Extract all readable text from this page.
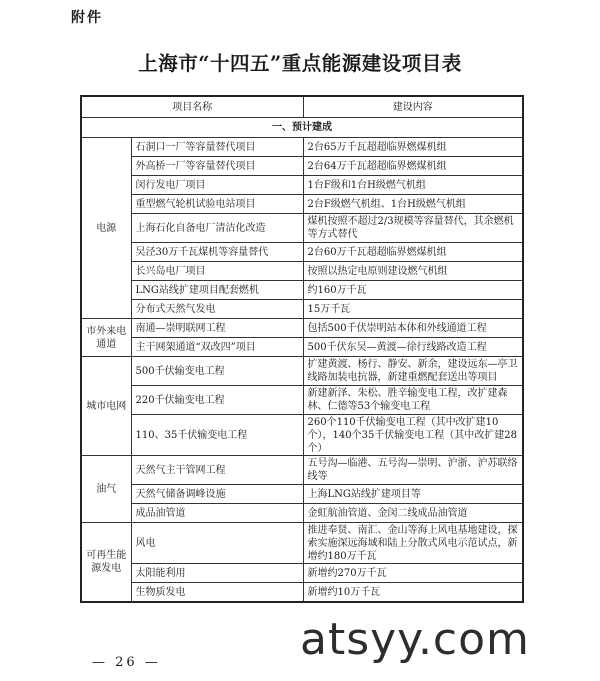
附件
上海市“十四五”重点能源建设项目表
项目名称		建设内容
一、预计建成		
电源	石洞口一厂等容量替代项目	2台65万千瓦超超临界燃煤机组
	外高桥一厂等容量替代项目	2台64万千瓦超超临界燃煤机组
	闵行发电厂项目	1台F级和1台H级燃气机组
	重型燃气轮机试验电站项目	2台F级燃气机组、1台H级燃气机组
	上海石化自备电厂清洁化改造	煤机按照不超过2/3规模等容量替代，其余燃机等方式替代
	吴泾30万千瓦煤机等容量替代	2台60万千瓦超超临界燃煤机组
	长兴岛电厂项目	按照以热定电原则建设燃气机组
	LNG站线扩建项目配套燃机	约160万千瓦
	分布式天然气发电	15万千瓦
市外来电通道	南通—崇明联网工程	包括500千伏崇明站本体和外线通道工程
	主干网架通道“双改四”项目	500千伏东吴—黄渡—徐行线路改造工程
城市电网	500千伏输变电工程	扩建黄渡、杨行、静安、新余，建设远东—亭卫线路加装电抗器，新建重燃配套送出等项目
	220千伏输变电工程	新建新泽、朱松、胜辛输变电工程，改扩建森林、仁德等53个输变电工程
	110、35千伏输变电工程	260个110千伏输变电工程（其中改扩建10个），140个35千伏输变电工程（其中改扩建28个）
油气	天然气主干管网工程	五号沟—临港、五号沟—崇明、沪浙、沪苏联络线等
	天然气储备调峰设施	上海LNG站线扩建项目等
	成品油管道	金虹航油管道、金闵二线成品油管道
可再生能源发电	风电	推进奉贤、南汇、金山等海上风电基地建设，探索实施深远海域和陆上分散式风电示范试点，新增约180万千瓦
	太阳能利用	新增约270万千瓦
	生物质发电	新增约10万千瓦
— 26 —	atsyy.com
